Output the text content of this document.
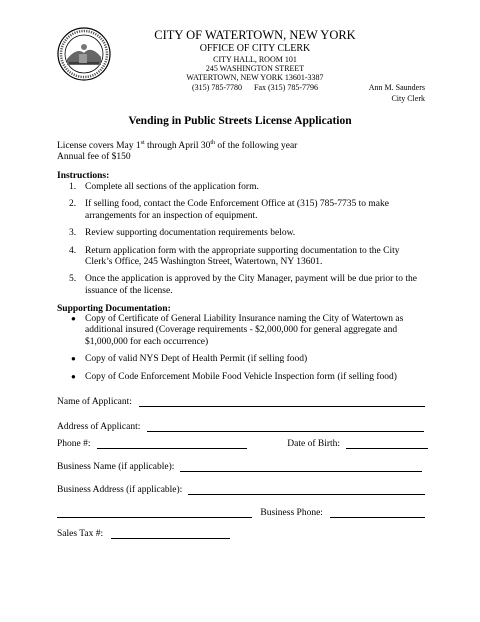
CITY OF WATERTOWN, NEW YORK
OFFICE OF CITY CLERK
CITY HALL, ROOM 101
245 WASHINGTON STREET
WATERTOWN, NEW YORK 13601-3387
(315) 785-7780      Fax (315) 785-7796	Ann M. Saunders
City Clerk
Vending in Public Streets License Application
License covers May 1st through April 30th of the following year
Annual fee of $150
Instructions:
1. Complete all sections of the application form.
2. If selling food, contact the Code Enforcement Office at (315) 785-7735 to make arrangements for an inspection of equipment.
3. Review supporting documentation requirements below.
4. Return application form with the appropriate supporting documentation to the City Clerk’s Office, 245 Washington Street, Watertown, NY 13601.
5. Once the application is approved by the City Manager, payment will be due prior to the issuance of the license.
Supporting Documentation:
● Copy of Certificate of General Liability Insurance naming the City of Watertown as additional insured (Coverage requirements - $2,000,000 for general aggregate and $1,000,000 for each occurrence)
● Copy of valid NYS Dept of Health Permit (if selling food)
● Copy of Code Enforcement Mobile Food Vehicle Inspection form (if selling food)
Name of Applicant:
Address of Applicant:
Phone #:	Date of Birth:
Business Name (if applicable):
Business Address (if applicable):
Business Phone:
Sales Tax #:
